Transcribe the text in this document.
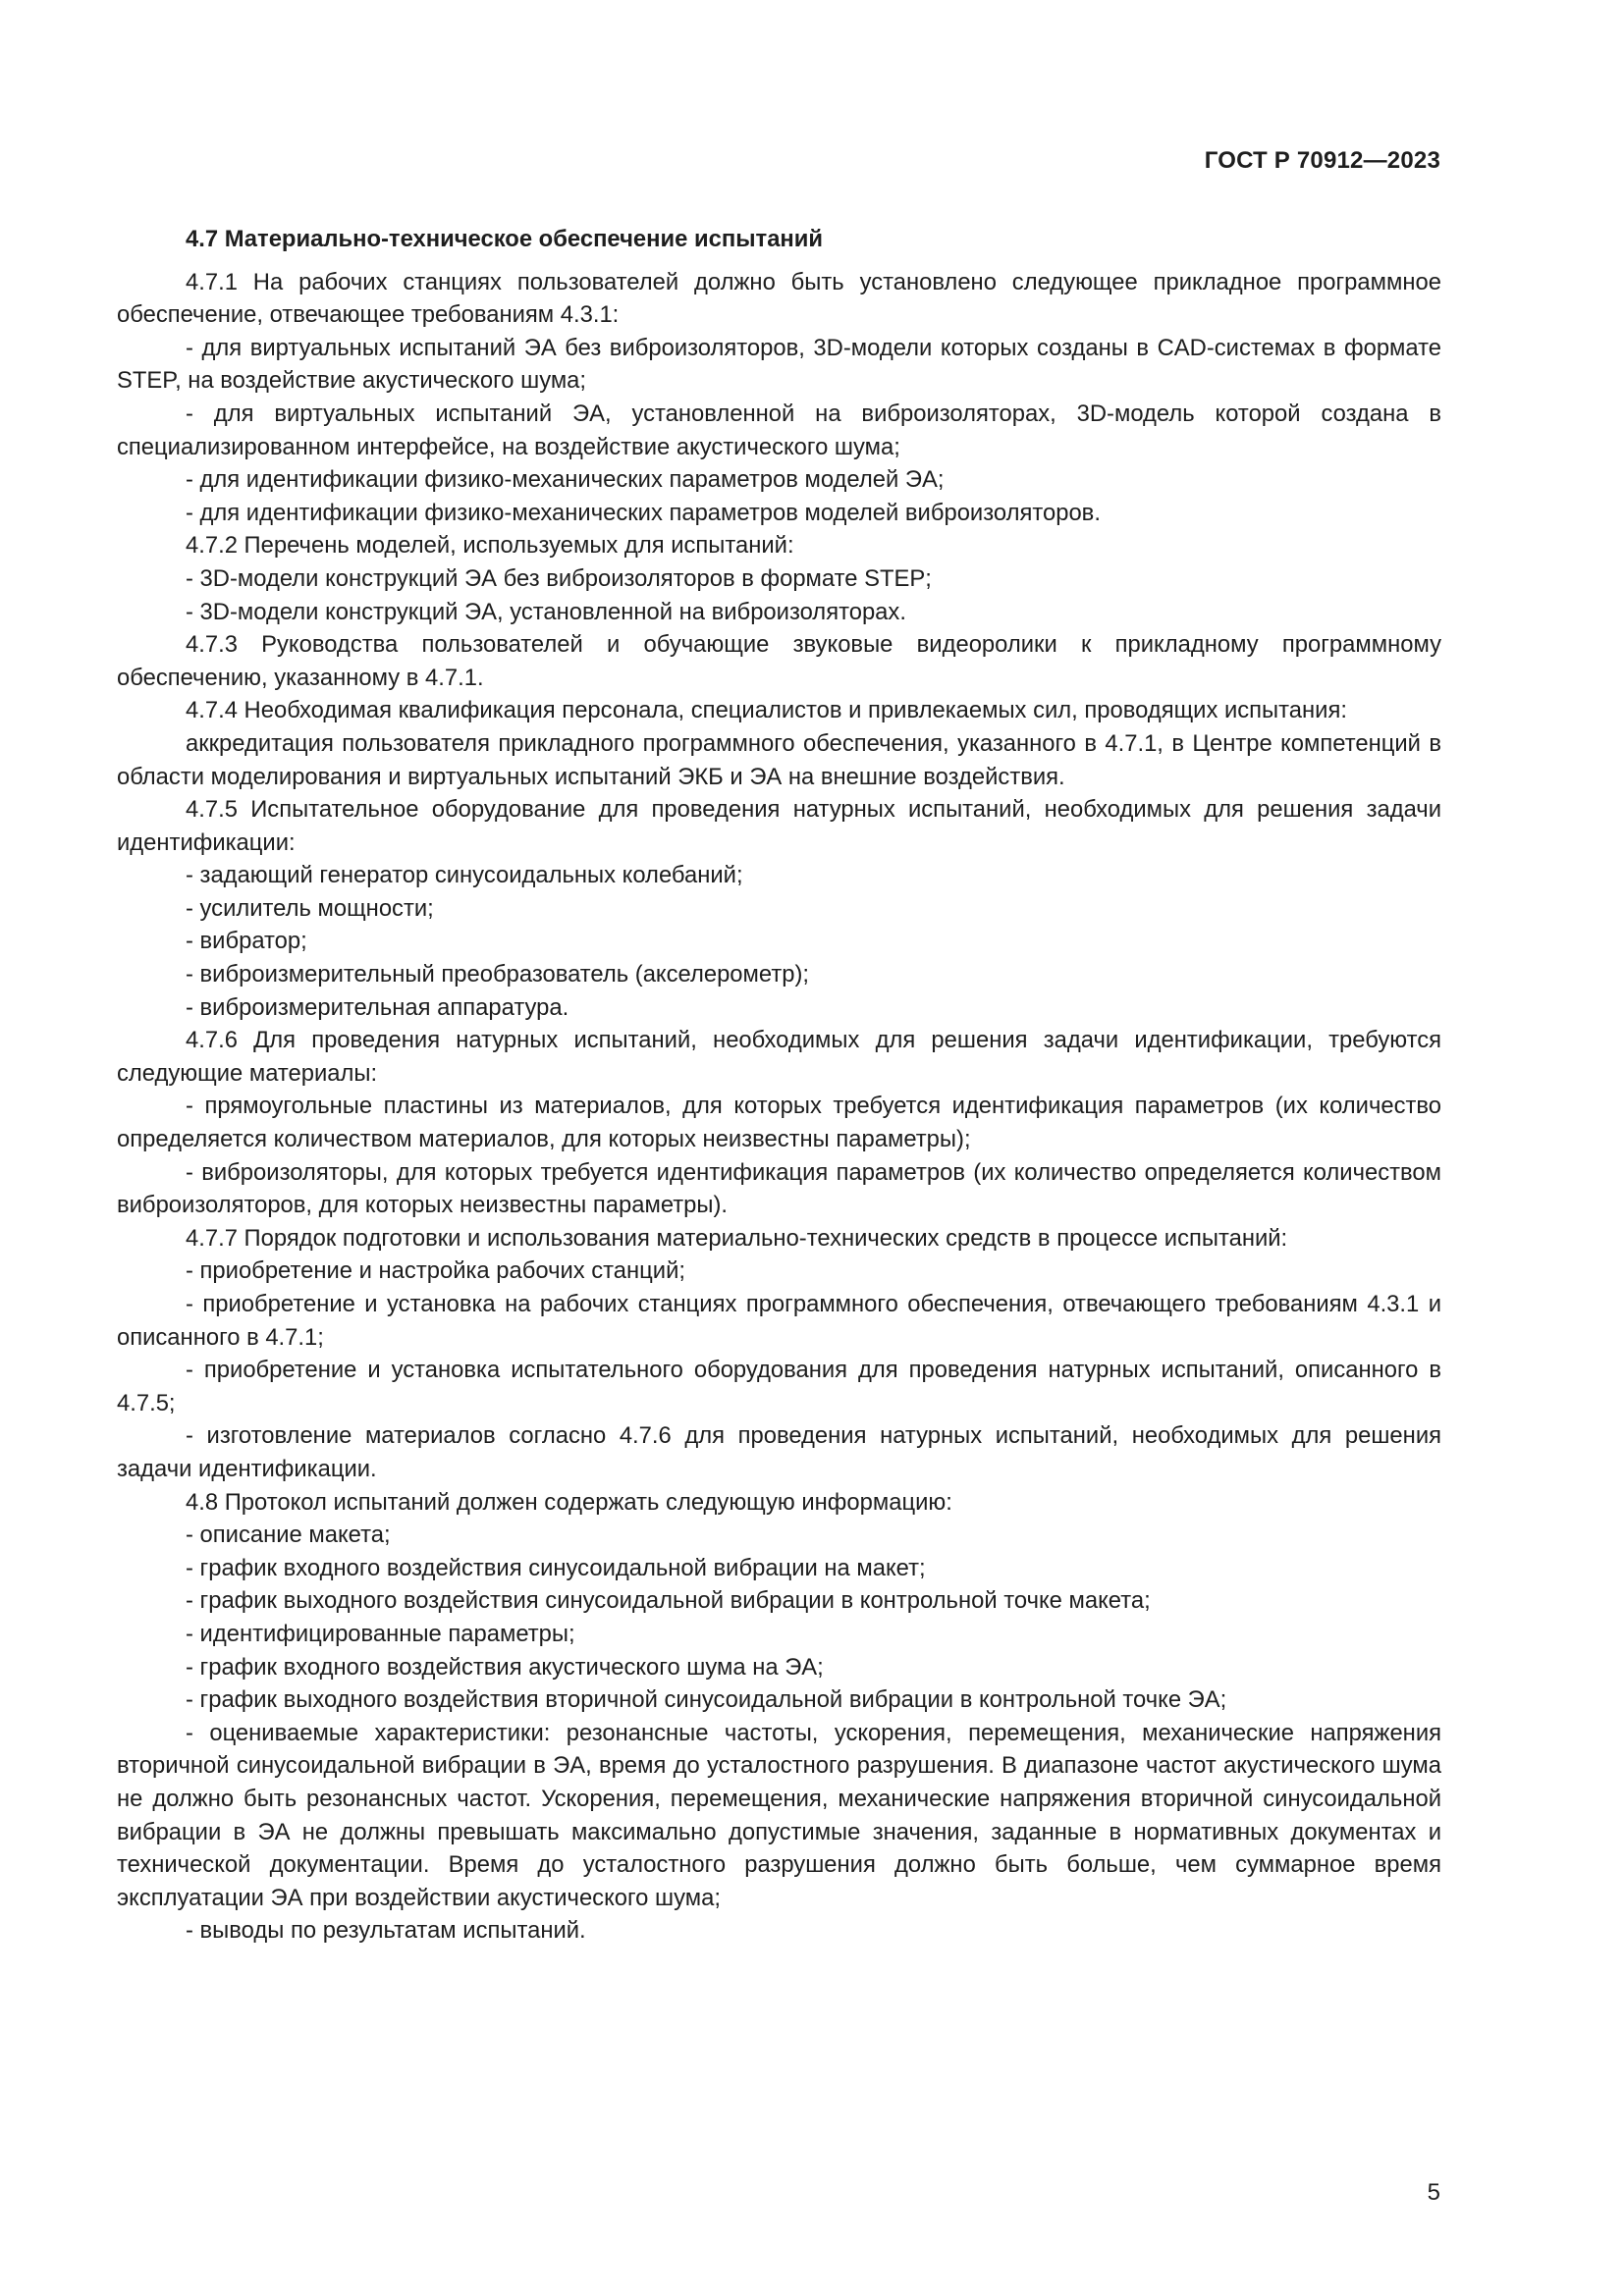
ГОСТ Р 70912—2023

4.7 Материально-техническое обеспечение испытаний

4.7.1 На рабочих станциях пользователей должно быть установлено следующее прикладное программное обеспечение, отвечающее требованиям 4.3.1:

- для виртуальных испытаний ЭА без виброизоляторов, 3D-модели которых созданы в CAD-системах в формате STEP, на воздействие акустического шума;

- для виртуальных испытаний ЭА, установленной на виброизоляторах, 3D-модель которой создана в специализированном интерфейсе, на воздействие акустического шума;

- для идентификации физико-механических параметров моделей ЭА;

- для идентификации физико-механических параметров моделей виброизоляторов.

4.7.2 Перечень моделей, используемых для испытаний:

- 3D-модели конструкций ЭА без виброизоляторов в формате STEP;

- 3D-модели конструкций ЭА, установленной на виброизоляторах.

4.7.3 Руководства пользователей и обучающие звуковые видеоролики к прикладному программному обеспечению, указанному в 4.7.1.

4.7.4 Необходимая квалификация персонала, специалистов и привлекаемых сил, проводящих испытания:

аккредитация пользователя прикладного программного обеспечения, указанного в 4.7.1, в Центре компетенций в области моделирования и виртуальных испытаний ЭКБ и ЭА на внешние воздействия.

4.7.5 Испытательное оборудование для проведения натурных испытаний, необходимых для решения задачи идентификации:

- задающий генератор синусоидальных колебаний;

- усилитель мощности;

- вибратор;

- виброизмерительный преобразователь (акселерометр);

- виброизмерительная аппаратура.

4.7.6 Для проведения натурных испытаний, необходимых для решения задачи идентификации, требуются следующие материалы:

- прямоугольные пластины из материалов, для которых требуется идентификация параметров (их количество определяется количеством материалов, для которых неизвестны параметры);

- виброизоляторы, для которых требуется идентификация параметров (их количество определяется количеством виброизоляторов, для которых неизвестны параметры).

4.7.7 Порядок подготовки и использования материально-технических средств в процессе испытаний:

- приобретение и настройка рабочих станций;

- приобретение и установка на рабочих станциях программного обеспечения, отвечающего требованиям 4.3.1 и описанного в 4.7.1;

- приобретение и установка испытательного оборудования для проведения натурных испытаний, описанного в 4.7.5;

- изготовление материалов согласно 4.7.6 для проведения натурных испытаний, необходимых для решения задачи идентификации.

4.8 Протокол испытаний должен содержать следующую информацию:

- описание макета;

- график входного воздействия синусоидальной вибрации на макет;

- график выходного воздействия синусоидальной вибрации в контрольной точке макета;

- идентифицированные параметры;

- график входного воздействия акустического шума на ЭА;

- график выходного воздействия вторичной синусоидальной вибрации в контрольной точке ЭА;

- оцениваемые характеристики: резонансные частоты, ускорения, перемещения, механические напряжения вторичной синусоидальной вибрации в ЭА, время до усталостного разрушения. В диапазоне частот акустического шума не должно быть резонансных частот. Ускорения, перемещения, механические напряжения вторичной синусоидальной вибрации в ЭА не должны превышать максимально допустимые значения, заданные в нормативных документах и технической документации. Время до усталостного разрушения должно быть больше, чем суммарное время эксплуатации ЭА при воздействии акустического шума;

- выводы по результатам испытаний.

5
